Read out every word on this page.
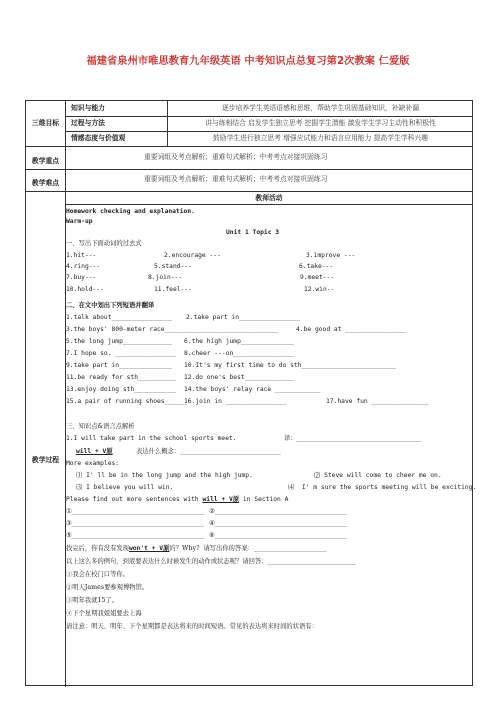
福建省泉州市唯思教育九年级英语 中考知识点总复习第2次教案 仁爱版
三维目标
知识与能力	逐步培养学生英语语感和思维，帮助学生巩固基础知识，补缺补漏
过程与方法	讲与练相结合 启发学生独立思考 挖掘学生潜能 激发学生学习主动性和积极性
情感态度与价值观	鼓励学生进行独立思考 增强应试能力和语言应用能力 提高学生学科兴趣
教学重点	重要词组及考点解析；重难句式解析；中考考点对接巩固练习
教学难点	重要词组及考点解析；重难句式解析；中考考点对接巩固练习
教学过程
教师活动
Homework checking and explanation.
Warm-up
Unit 1 Topic 3
一、写出下面动词的过去式
1.hit---	2.encourage ---	3.improve ---
4.ring---	5.stand---	6.take---
7.buy---	8.join---	9.meet---
10.hold---	11.feel---	12.win--
二、在文中划出下列短语并翻译
1.talk about________________ 2.take part in________________
3.the boys' 800-meter race______________________________	4.be good at ________________
5.the long jump_____________ 6.the high jump______________
7.I hope so. ________________ 8.cheer ---on________________
9.take part in______________ 10.It's my first time to do sth_________________________
11.be ready for sth__________ 12.do one's best_____________
13.enjoy doing sth___________ 14.the boys' relay race ____________
15.a pair of running shoes______
16.join in ________________	17.have fun _______________
三、知识点&语言点解析
1.I will take part in the school sports meet.	译：_________________________________
will + V原	表达什么概念：________________________________
More examples:
⑴ I' ll be in the long jump and the high jump.	⑵ Steve will come to cheer me on.
⑶ I believe you will win.	⑷  I' m sure the sports meeting will be exciting.
Please find out more sentences with will + V原 in Section A
①___________________________________ ②___________________________________
③___________________________________ ④___________________________________
⑤___________________________________ ⑥___________________________________
找完后，你有没有发现won't + V原的？Why?  请写出你的答案：_______________________
以上这么多的例句，到底要表达什么时候发生的动作或状态呢？请回答：____________________________
①我会在校门口等你。
②明天James要参观博物馆。
③明年我就15了。
④下个星期我姐姐要去上海
请注意：明天、明年、下个星期都是表达将来的时间短语。常见的表达将来时间的状语有：
